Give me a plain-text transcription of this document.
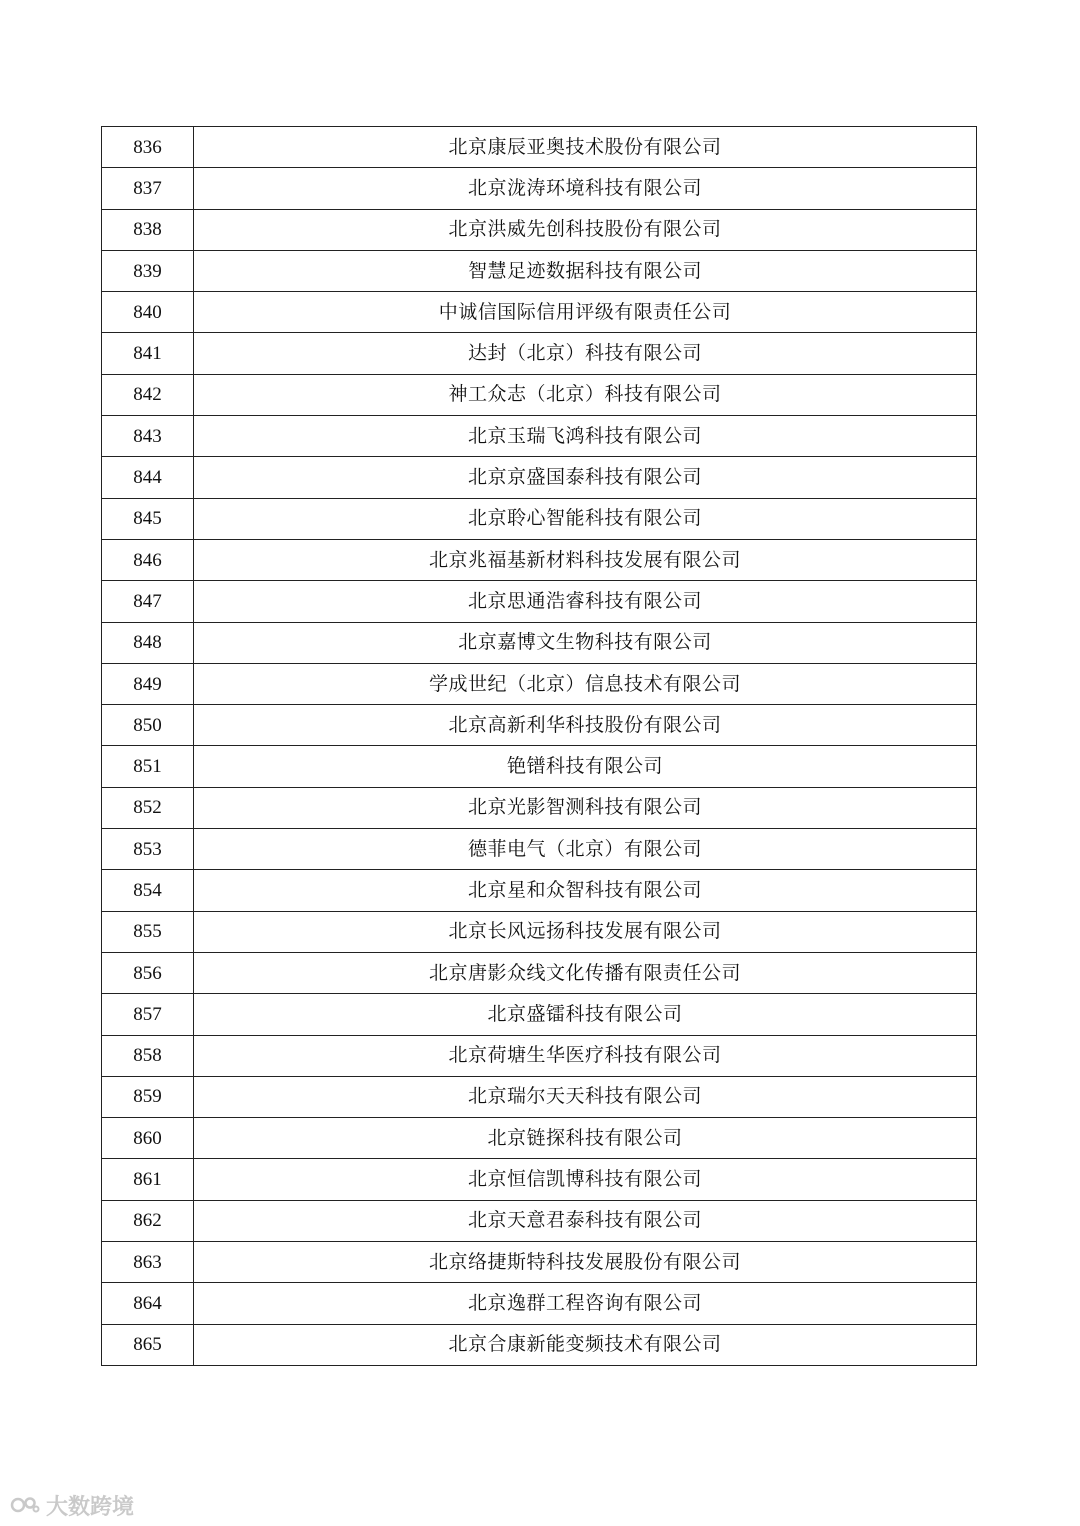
836	北京康辰亚奥技术股份有限公司
837	北京泷涛环境科技有限公司
838	北京洪威先创科技股份有限公司
839	智慧足迹数据科技有限公司
840	中诚信国际信用评级有限责任公司
841	达封（北京）科技有限公司
842	神工众志（北京）科技有限公司
843	北京玉瑞飞鸿科技有限公司
844	北京京盛国泰科技有限公司
845	北京聆心智能科技有限公司
846	北京兆福基新材料科技发展有限公司
847	北京思通浩睿科技有限公司
848	北京嘉博文生物科技有限公司
849	学成世纪（北京）信息技术有限公司
850	北京高新利华科技股份有限公司
851	铯镨科技有限公司
852	北京光影智测科技有限公司
853	德菲电气（北京）有限公司
854	北京星和众智科技有限公司
855	北京长风远扬科技发展有限公司
856	北京唐影众线文化传播有限责任公司
857	北京盛镭科技有限公司
858	北京荷塘生华医疗科技有限公司
859	北京瑞尔天天科技有限公司
860	北京链探科技有限公司
861	北京恒信凯博科技有限公司
862	北京天意君泰科技有限公司
863	北京络捷斯特科技发展股份有限公司
864	北京逸群工程咨询有限公司
865	北京合康新能变频技术有限公司
大数跨境
